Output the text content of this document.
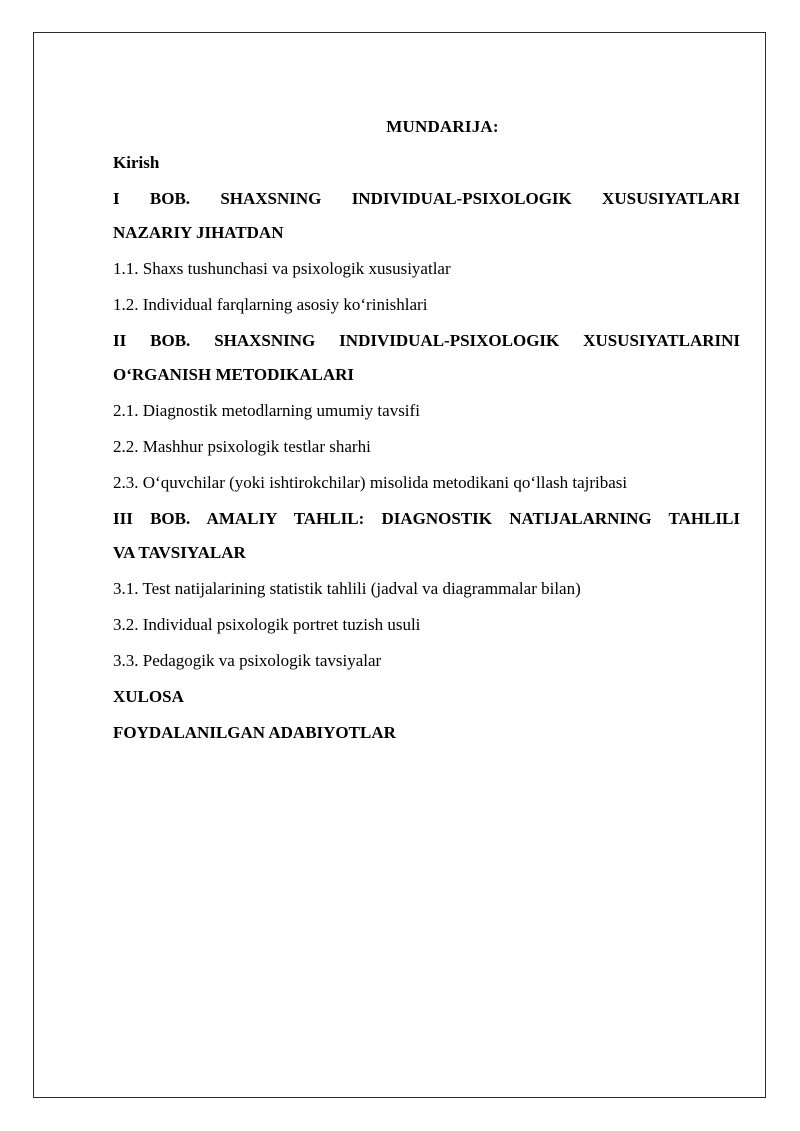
MUNDARIJA:

Kirish

I BOB. SHAXSNING INDIVIDUAL-PSIXOLOGIK XUSUSIYATLARI

NAZARIY JIHATDAN

1.1. Shaxs tushunchasi va psixologik xususiyatlar

1.2. Individual farqlarning asosiy ko‘rinishlari

II BOB. SHAXSNING INDIVIDUAL-PSIXOLOGIK XUSUSIYATLARINI

O‘RGANISH METODIKALARI

2.1. Diagnostik metodlarning umumiy tavsifi

2.2. Mashhur psixologik testlar sharhi

2.3. O‘quvchilar (yoki ishtirokchilar) misolida metodikani qo‘llash tajribasi

III BOB. AMALIY TAHLIL: DIAGNOSTIK NATIJALARNING TAHLILI

VA TAVSIYALAR

3.1. Test natijalarining statistik tahlili (jadval va diagrammalar bilan)

3.2. Individual psixologik portret tuzish usuli

3.3. Pedagogik va psixologik tavsiyalar

XULOSA

FOYDALANILGAN ADABIYOTLAR
